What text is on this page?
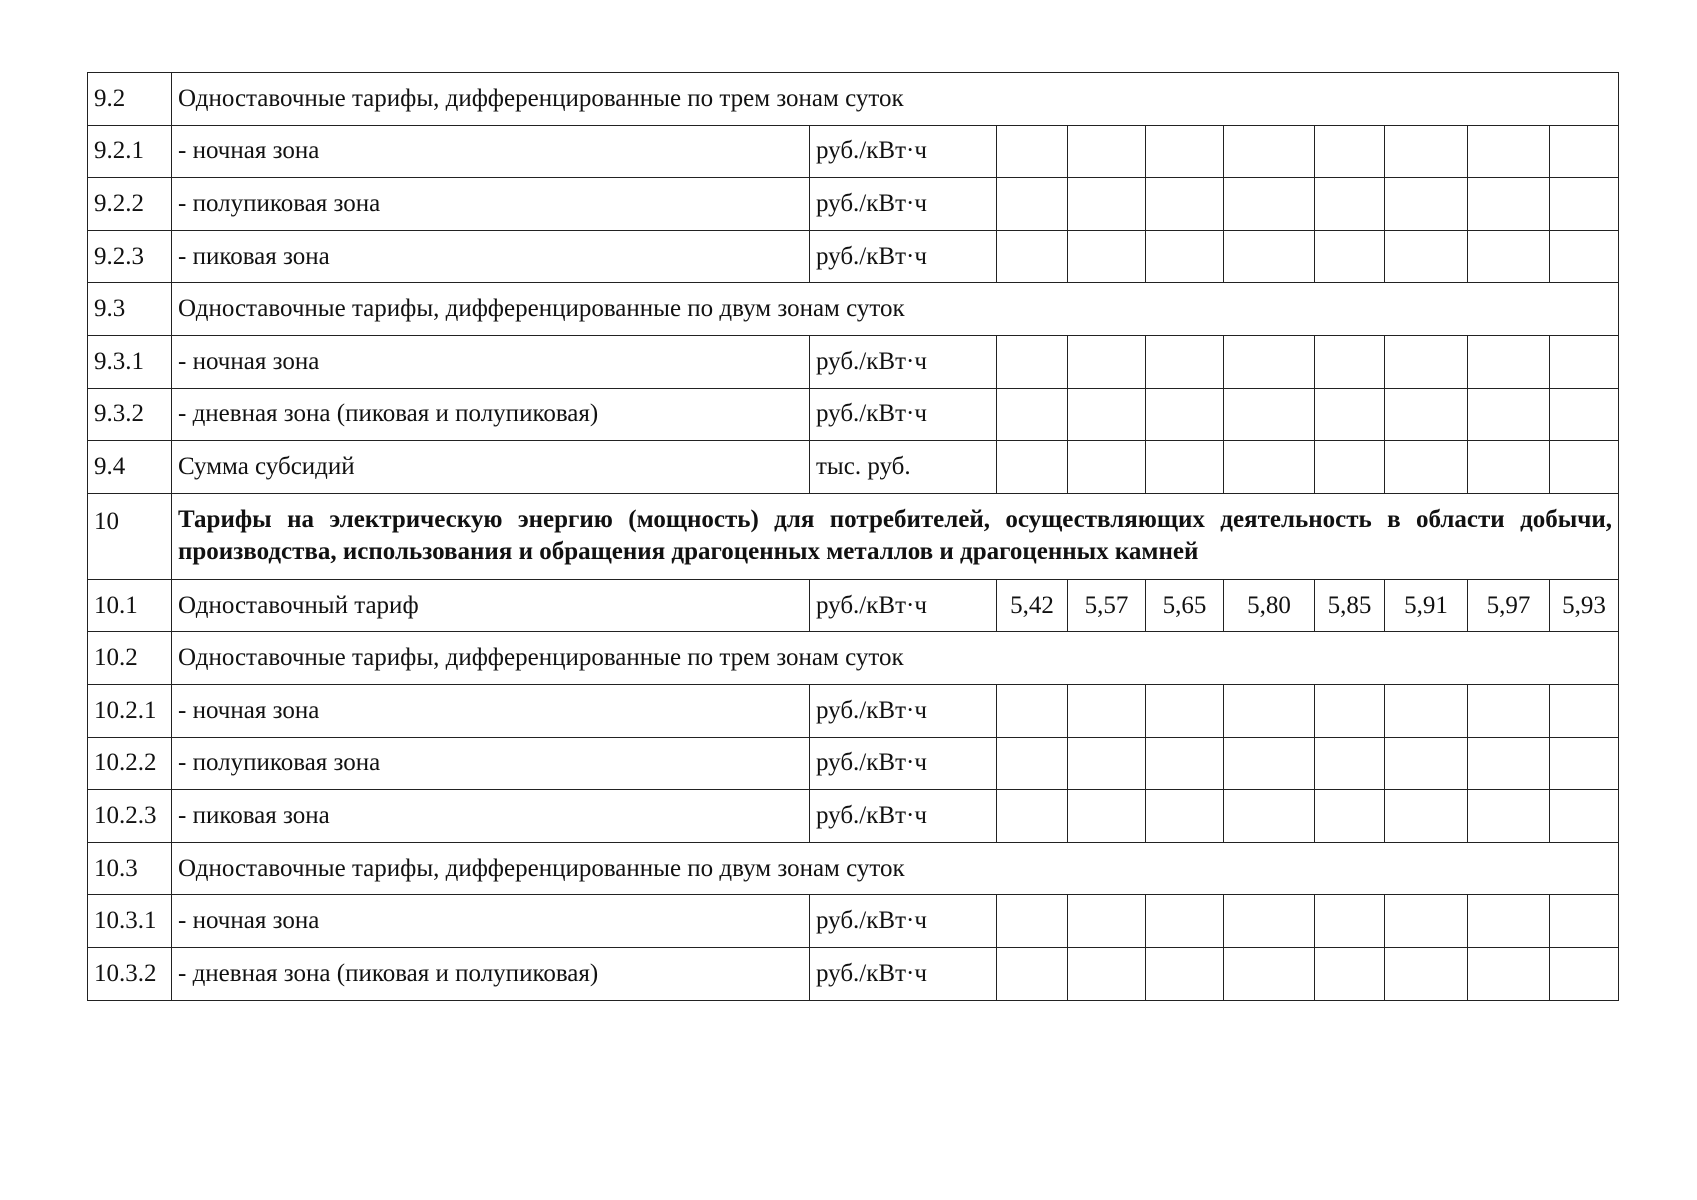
9.2	Одноставочные тарифы, дифференцированные по трем зонам суток									
9.2.1	- ночная зона	руб./кВт·ч								
9.2.2	- полупиковая зона	руб./кВт·ч								
9.2.3	- пиковая зона	руб./кВт·ч								
9.3	Одноставочные тарифы, дифференцированные по двум зонам суток									
9.3.1	- ночная зона	руб./кВт·ч								
9.3.2	- дневная зона (пиковая и полупиковая)	руб./кВт·ч								
9.4	Сумма субсидий	тыс. руб.								
10	Тарифы на электрическую энергию (мощность) для потребителей, осуществляющих деятельность в области добычи, производства, использования и обращения драгоценных металлов и драгоценных камней									
10.1	Одноставочный тариф	руб./кВт·ч	5,42	5,57	5,65	5,80	5,85	5,91	5,97	5,93
10.2	Одноставочные тарифы, дифференцированные по трем зонам суток									
10.2.1	- ночная зона	руб./кВт·ч								
10.2.2	- полупиковая зона	руб./кВт·ч								
10.2.3	- пиковая зона	руб./кВт·ч								
10.3	Одноставочные тарифы, дифференцированные по двум зонам суток									
10.3.1	- ночная зона	руб./кВт·ч								
10.3.2	- дневная зона (пиковая и полупиковая)	руб./кВт·ч								
